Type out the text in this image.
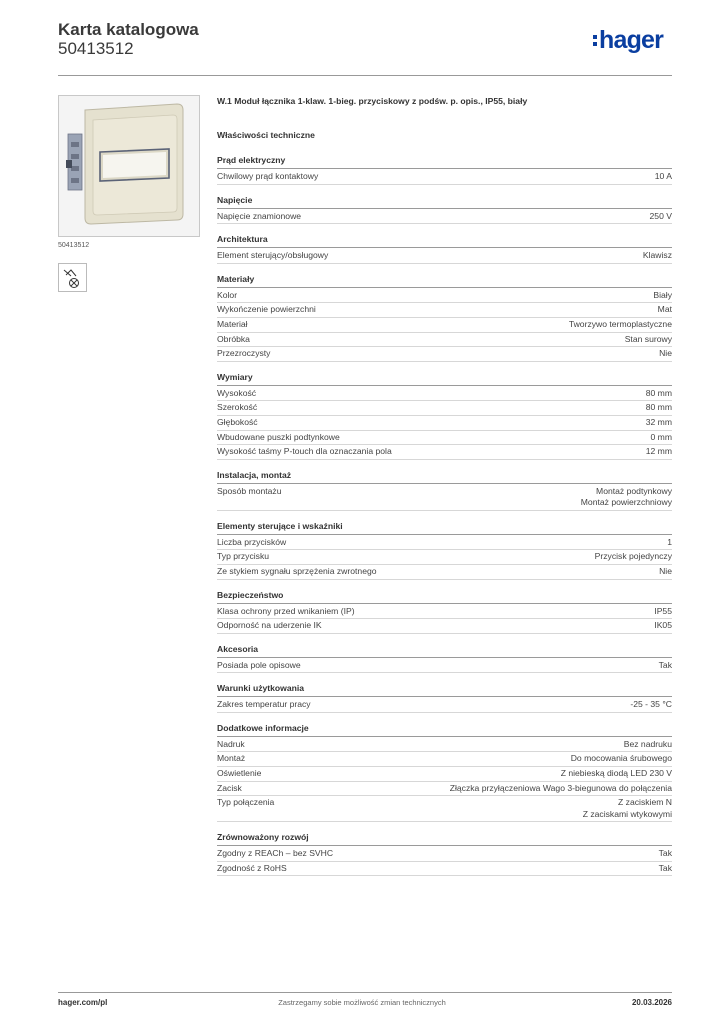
Karta katalogowa
50413512	hager
50413512
W.1 Moduł łącznika 1-klaw. 1-bieg. przyciskowy z podśw. p. opis., IP55, biały
Właściwości techniczne
Prąd elektryczny
Chwilowy prąd kontaktowy	10 A
Napięcie
Napięcie znamionowe	250 V
Architektura
Element sterujący/obsługowy	Klawisz
Materiały
Kolor	Biały
Wykończenie powierzchni	Mat
Materiał	Tworzywo termoplastyczne
Obróbka	Stan surowy
Przezroczysty	Nie
Wymiary
Wysokość	80 mm
Szerokość	80 mm
Głębokość	32 mm
Wbudowane puszki podtynkowe	0 mm
Wysokość taśmy P-touch dla oznaczania pola	12 mm
Instalacja, montaż
Sposób montażu	Montaż podtynkowy
Montaż powierzchniowy
Elementy sterujące i wskaźniki
Liczba przycisków	1
Typ przycisku	Przycisk pojedynczy
Ze stykiem sygnału sprzężenia zwrotnego	Nie
Bezpieczeństwo
Klasa ochrony przed wnikaniem (IP)	IP55
Odporność na uderzenie IK	IK05
Akcesoria
Posiada pole opisowe	Tak
Warunki użytkowania
Zakres temperatur pracy	-25 - 35 °C
Dodatkowe informacje
Nadruk	Bez nadruku
Montaż	Do mocowania śrubowego
Oświetlenie	Z niebieską diodą LED 230 V
Zacisk	Złączka przyłączeniowa Wago 3-biegunowa do połączenia
Typ połączenia	Z zaciskiem N
Z zaciskami wtykowymi
Zrównoważony rozwój
Zgodny z REACh – bez SVHC	Tak
Zgodność z RoHS	Tak
hager.com/pl	Zastrzegamy sobie możliwość zmian technicznych	20.03.2026
